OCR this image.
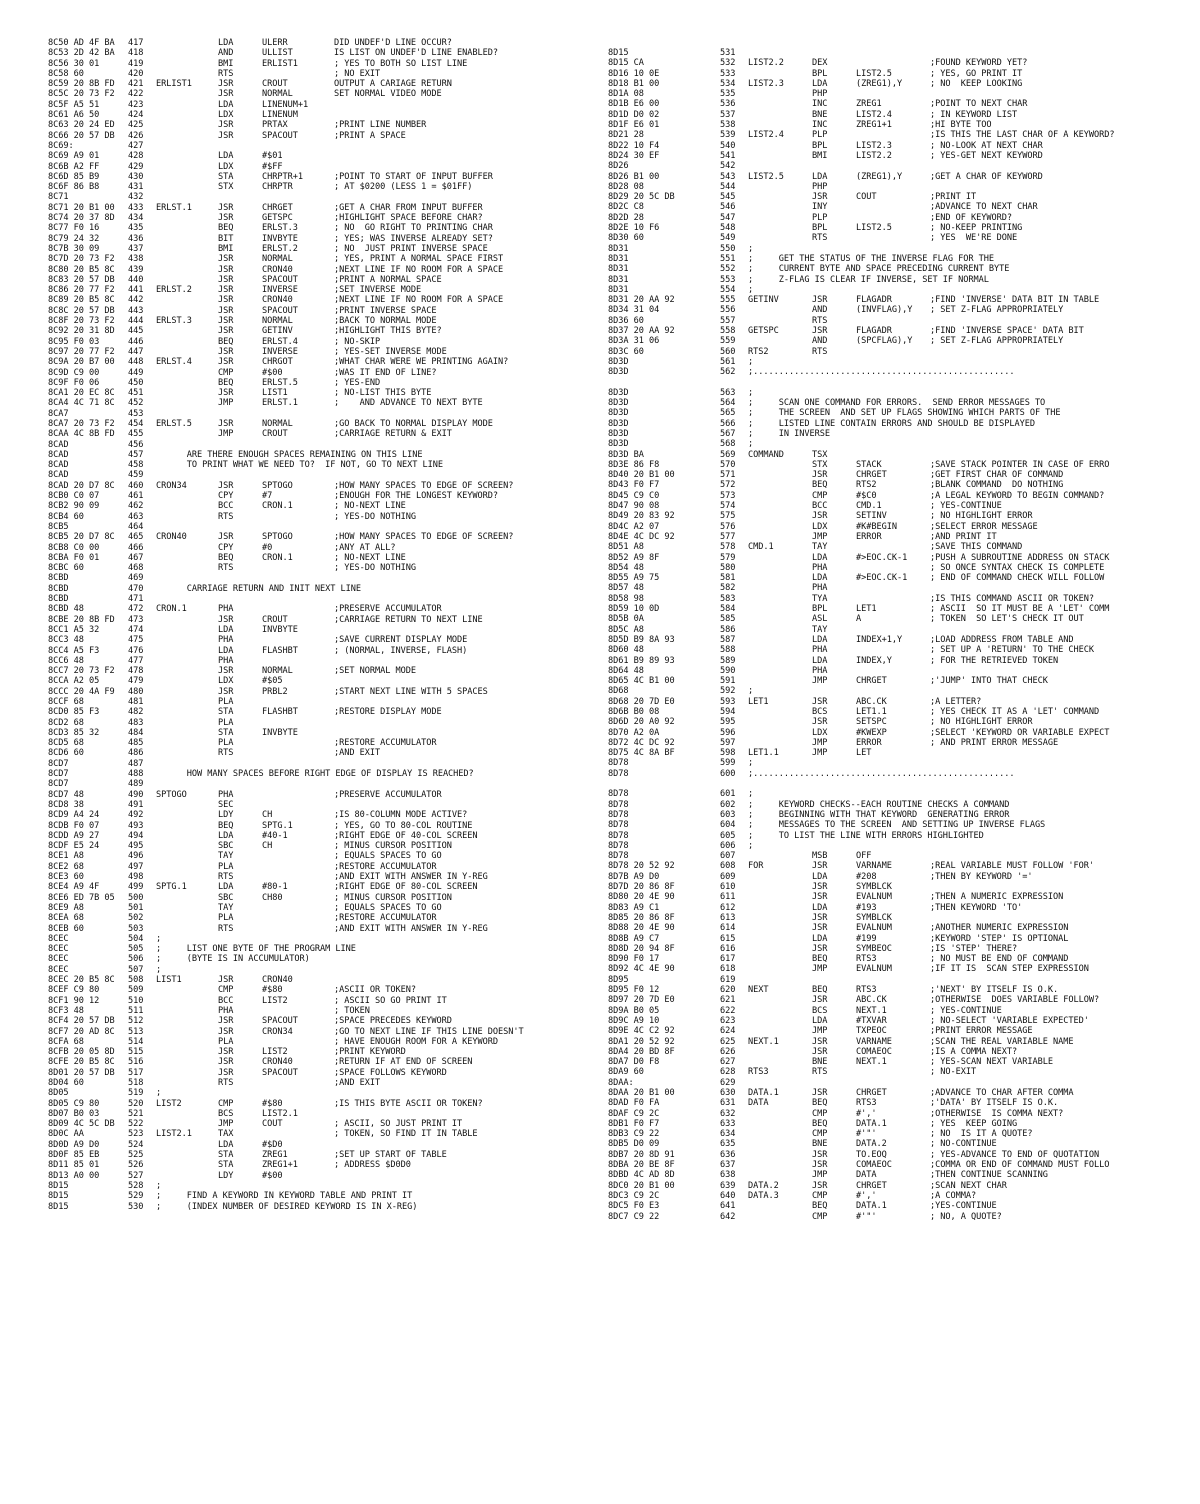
8C50 AD 4F BA 417	LDA	ULERR	DID UNDEF'D LINE OCCUR?
8C53 2D 42 BA 418	AND	ULLIST	IS LIST ON UNDEF'D LINE ENABLED?
8C56 30 01	419	BMI	ERLIST1	; YES TO BOTH SO LIST LINE
8C58 60	420	RTS	; NO EXIT
8C59 20 8B FD 421 ERLIST1	JSR	CROUT	OUTPUT A CARIAGE RETURN
8C5C 20 73 F2 422	JSR	NORMAL	SET NORMAL VIDEO MODE
8C5F A5 51	423	LDA	LINENUM+1
8C61 A6 50	424	LDX	LINENUM
8C63 20 24 ED 425	JSR	PRTAX	;PRINT LINE NUMBER
8C66 20 57 DB 426	JSR	SPACOUT	;PRINT A SPACE
8C69:	427
8C69 A9 01	428	LDA	#$01
8C6B A2 FF	429	LDX	#$FF
8C6D 85 B9	430	STA	CHRPTR+1	;POINT TO START OF INPUT BUFFER
8C6F 86 B8	431	STX	CHRPTR	; AT $0200 (LESS 1 = $01FF)
8C71	432
8C71 20 B1 00 433 ERLST.1	JSR	CHRGET	;GET A CHAR FROM INPUT BUFFER
8C74 20 37 8D 434	JSR	GETSPC	;HIGHLIGHT SPACE BEFORE CHAR?
8C77 F0 16	435	BEQ	ERLST.3	; NO  GO RIGHT TO PRINTING CHAR
8C79 24 32	436	BIT	INVBYTE	; YES; WAS INVERSE ALREADY SET?
8C7B 30 09	437	BMI	ERLST.2	; NO  JUST PRINT INVERSE SPACE
8C7D 20 73 F2 438	JSR	NORMAL	; YES, PRINT A NORMAL SPACE FIRST
8C80 20 B5 8C 439	JSR	CRON40	;NEXT LINE IF NO ROOM FOR A SPACE
8C83 20 57 DB 440	JSR	SPACOUT	;PRINT A NORMAL SPACE
8C86 20 77 F2 441 ERLST.2	JSR	INVERSE	;SET INVERSE MODE
8C89 20 B5 8C 442	JSR	CRON40	;NEXT LINE IF NO ROOM FOR A SPACE
8C8C 20 57 DB 443	JSR	SPACOUT	;PRINT INVERSE SPACE
8C8F 20 73 F2 444 ERLST.3	JSR	NORMAL	;BACK TO NORMAL MODE
8C92 20 31 8D 445	JSR	GETINV	;HIGHLIGHT THIS BYTE?
8C95 F0 03	446	BEQ	ERLST.4	; NO-SKIP
8C97 20 77 F2 447	JSR	INVERSE	; YES-SET INVERSE MODE
8C9A 20 B7 00 448 ERLST.4	JSR	CHRGOT	;WHAT CHAR WERE WE PRINTING AGAIN?
8C9D C9 00	449	CMP	#$00	;WAS IT END OF LINE?
8C9F F0 06	450	BEQ	ERLST.5	; YES-END
8CA1 20 EC 8C 451	JSR	LIST1	; NO-LIST THIS BYTE
8CA4 4C 71 8C 452	JMP	ERLST.1	;    AND ADVANCE TO NEXT BYTE
8CA7	453
8CA7 20 73 F2 454 ERLST.5	JSR	NORMAL	;GO BACK TO NORMAL DISPLAY MODE
8CAA 4C 8B FD 455	JMP	CROUT	;CARRIAGE RETURN & EXIT
8CAD	456
8CAD	457 ARE THERE ENOUGH SPACES REMAINING ON THIS LINE
8CAD	458 TO PRINT WHAT WE NEED TO?  IF NOT, GO TO NEXT LINE
8CAD	459
8CAD 20 D7 8C 460 CRON34	JSR	SPTOGO	;HOW MANY SPACES TO EDGE OF SCREEN?
8CB0 C0 07	461	CPY	#7	;ENOUGH FOR THE LONGEST KEYWORD?
8CB2 90 09	462	BCC	CRON.1	; NO-NEXT LINE
8CB4 60	463	RTS	; YES-DO NOTHING
8CB5	464
8CB5 20 D7 8C 465 CRON40	JSR	SPTOGO	;HOW MANY SPACES TO EDGE OF SCREEN?
8CB8 C0 00	466	CPY	#0	;ANY AT ALL?
8CBA F0 01	467	BEQ	CRON.1	; NO-NEXT LINE
8CBC 60	468	RTS	; YES-DO NOTHING
8CBD	469
8CBD	470 CARRIAGE RETURN AND INIT NEXT LINE
8CBD	471
8CBD 48	472 CRON.1	PHA	;PRESERVE ACCUMULATOR
8CBE 20 8B FD 473	JSR	CROUT	;CARRIAGE RETURN TO NEXT LINE
8CC1 A5 32	474	LDA	INVBYTE
8CC3 48	475	PHA	;SAVE CURRENT DISPLAY MODE
8CC4 A5 F3	476	LDA	FLASHBT	; (NORMAL, INVERSE, FLASH)
8CC6 48	477	PHA
8CC7 20 73 F2 478	JSR	NORMAL	;SET NORMAL MODE
8CCA A2 05	479	LDX	#$05
8CCC 20 4A F9 480	JSR	PRBL2	;START NEXT LINE WITH 5 SPACES
8CCF 68	481	PLA
8CD0 85 F3	482	STA	FLASHBT	;RESTORE DISPLAY MODE
8CD2 68	483	PLA
8CD3 85 32	484	STA	INVBYTE
8CD5 68	485	PLA	;RESTORE ACCUMULATOR
8CD6 60	486	RTS	;AND EXIT
8CD7	487
8CD7	488 HOW MANY SPACES BEFORE RIGHT EDGE OF DISPLAY IS REACHED?
8CD7	489
8CD7 48	490 SPTOGO	PHA	;PRESERVE ACCUMULATOR
8CD8 38	491	SEC
8CD9 A4 24	492	LDY	CH	;IS 80-COLUMN MODE ACTIVE?
8CDB F0 07	493	BEQ	SPTG.1	; YES, GO TO 80-COL ROUTINE
8CDD A9 27	494	LDA	#40-1	;RIGHT EDGE OF 40-COL SCREEN
8CDF E5 24	495	SBC	CH	; MINUS CURSOR POSITION
8CE1 A8	496	TAY	; EQUALS SPACES TO GO
8CE2 68	497	PLA	;RESTORE ACCUMULATOR
8CE3 60	498	RTS	;AND EXIT WITH ANSWER IN Y-REG
8CE4 A9 4F	499 SPTG.1	LDA	#80-1	;RIGHT EDGE OF 80-COL SCREEN
8CE6 ED 7B 05 500	SBC	CH80	; MINUS CURSOR POSITION
8CE9 A8	501	TAY	; EQUALS SPACES TO GO
8CEA 68	502	PLA	;RESTORE ACCUMULATOR
8CEB 60	503	RTS	;AND EXIT WITH ANSWER IN Y-REG
8CEC	504 ;
8CEC	505 ;     LIST ONE BYTE OF THE PROGRAM LINE
8CEC	506 ;     (BYTE IS IN ACCUMULATOR)
8CEC	507 ;
8CEC 20 B5 8C 508 LIST1	JSR	CRON40
8CEF C9 80	509	CMP	#$80	;ASCII OR TOKEN?
8CF1 90 12	510	BCC	LIST2	; ASCII SO GO PRINT IT
8CF3 48	511	PHA	; TOKEN
8CF4 20 57 DB 512	JSR	SPACOUT	;SPACE PRECEDES KEYWORD
8CF7 20 AD 8C 513	JSR	CRON34	;GO TO NEXT LINE IF THIS LINE DOESN'T
8CFA 68	514	PLA	; HAVE ENOUGH ROOM FOR A KEYWORD
8CFB 20 05 8D 515	JSR	LIST2	;PRINT KEYWORD
8CFE 20 B5 8C 516	JSR	CRON40	;RETURN IF AT END OF SCREEN
8D01 20 57 DB 517	JSR	SPACOUT	;SPACE FOLLOWS KEYWORD
8D04 60	518	RTS	;AND EXIT
8D05	519 ;
8D05 C9 80	520 LIST2	CMP	#$80	;IS THIS BYTE ASCII OR TOKEN?
8D07 B0 03	521	BCS	LIST2.1
8D09 4C 5C DB 522	JMP	COUT	; ASCII, SO JUST PRINT IT
8D0C AA	523 LIST2.1	TAX	; TOKEN, SO FIND IT IN TABLE
8D0D A9 D0	524	LDA	#$D0
8D0F 85 EB	525	STA	ZREG1	;SET UP START OF TABLE
8D11 85 01	526	STA	ZREG1+1	; ADDRESS $D0D0
8D13 A0 00	527	LDY	#$00
8D15	528 ;
8D15	529 ;     FIND A KEYWORD IN KEYWORD TABLE AND PRINT IT
8D15	530 ;     (INDEX NUMBER OF DESIRED KEYWORD IS IN X-REG)
8D15	531
8D15 CA	532 LIST2.2	DEX	;FOUND KEYWORD YET?
8D16 10 0E	533	BPL	LIST2.5	; YES, GO PRINT IT
8D18 B1 00	534 LIST2.3	LDA	(ZREG1),Y	; NO  KEEP LOOKING
8D1A 08	535	PHP
8D1B E6 00	536	INC	ZREG1	;POINT TO NEXT CHAR
8D1D D0 02	537	BNE	LIST2.4	; IN KEYWORD LIST
8D1F E6 01	538	INC	ZREG1+1	;HI BYTE TOO
8D21 28	539 LIST2.4	PLP	;IS THIS THE LAST CHAR OF A KEYWORD?
8D22 10 F4	540	BPL	LIST2.3	; NO-LOOK AT NEXT CHAR
8D24 30 EF	541	BMI	LIST2.2	; YES-GET NEXT KEYWORD
8D26	542
8D26 B1 00	543 LIST2.5	LDA	(ZREG1),Y	;GET A CHAR OF KEYWORD
8D28 08	544	PHP
8D29 20 5C DB	545	JSR	COUT	;PRINT IT
8D2C C8	546	INY	;ADVANCE TO NEXT CHAR
8D2D 28	547	PLP	;END OF KEYWORD?
8D2E 10 F6	548	BPL	LIST2.5	; NO-KEEP PRINTING
8D30 60	549	RTS	; YES  WE'RE DONE
8D31	550 ;
8D31	551 ;     GET THE STATUS OF THE INVERSE FLAG FOR THE
8D31	552 ;     CURRENT BYTE AND SPACE PRECEDING CURRENT BYTE
8D31	553 ;     Z-FLAG IS CLEAR IF INVERSE, SET IF NORMAL
8D31	554 ;
8D31 20 AA 92	555 GETINV	JSR	FLAGADR	;FIND 'INVERSE' DATA BIT IN TABLE
8D34 31 04	556	AND	(INVFLAG),Y ; SET Z-FLAG APPROPRIATELY
8D36 60	557	RTS
8D37 20 AA 92	558 GETSPC	JSR	FLAGADR	;FIND 'INVERSE SPACE' DATA BIT
8D3A 31 06	559	AND	(SPCFLAG),Y ; SET Z-FLAG APPROPRIATELY
8D3C 60	560 RTS2	RTS
8D3D	561 ;
8D3D	562 ;...................................................
8D3D	563 ;
8D3D	564 ;     SCAN ONE COMMAND FOR ERRORS.  SEND ERROR MESSAGES TO
8D3D	565 ;     THE SCREEN  AND SET UP FLAGS SHOWING WHICH PARTS OF THE
8D3D	566 ;     LISTED LINE CONTAIN ERRORS AND SHOULD BE DISPLAYED
8D3D	567 ;     IN INVERSE
8D3D	568 ;
8D3D BA	569 COMMAND	TSX
8D3E 86 F8	570	STX	STACK	;SAVE STACK POINTER IN CASE OF ERRO
8D40 20 B1 00	571	JSR	CHRGET	;GET FIRST CHAR OF COMMAND
8D43 F0 F7	572	BEQ	RTS2	;BLANK COMMAND  DO NOTHING
8D45 C9 C0	573	CMP	#$C0	;A LEGAL KEYWORD TO BEGIN COMMAND?
8D47 90 08	574	BCC	CMD.1	; YES-CONTINUE
8D49 20 83 92	575	JSR	SETINV	; NO HIGHLIGHT ERROR
8D4C A2 07	576	LDX	#K#BEGIN	;SELECT ERROR MESSAGE
8D4E 4C DC 92	577	JMP	ERROR	;AND PRINT IT
8D51 A8	578 CMD.1	TAY	;SAVE THIS COMMAND
8D52 A9 8F	579	LDA	#>EOC.CK-1	;PUSH A SUBROUTINE ADDRESS ON STACK
8D54 48	580	PHA	; SO ONCE SYNTAX CHECK IS COMPLETE
8D55 A9 75	581	LDA	#>EOC.CK-1	; END OF COMMAND CHECK WILL FOLLOW
8D57 48	582	PHA
8D58 98	583	TYA	;IS THIS COMMAND ASCII OR TOKEN?
8D59 10 0D	584	BPL	LET1	; ASCII  SO IT MUST BE A 'LET' COMM
8D5B 0A	585	ASL	A	; TOKEN  SO LET'S CHECK IT OUT
8D5C A8	586	TAY
8D5D B9 8A 93	587	LDA	INDEX+1,Y	;LOAD ADDRESS FROM TABLE AND
8D60 48	588	PHA	; SET UP A 'RETURN' TO THE CHECK
8D61 B9 89 93	589	LDA	INDEX,Y	; FOR THE RETRIEVED TOKEN
8D64 48	590	PHA
8D65 4C B1 00	591	JMP	CHRGET	;'JUMP' INTO THAT CHECK
8D68	592 ;
8D68 20 7D E0	593 LET1	JSR	ABC.CK	;A LETTER?
8D6B B0 08	594	BCS	LET1.1	; YES CHECK IT AS A 'LET' COMMAND
8D6D 20 A0 92	595	JSR	SETSPC	; NO HIGHLIGHT ERROR
8D70 A2 0A	596	LDX	#KWEXP	;SELECT 'KEYWORD OR VARIABLE EXPECT
8D72 4C DC 92	597	JMP	ERROR	; AND PRINT ERROR MESSAGE
8D75 4C 8A BF	598 LET1.1	JMP	LET
8D78	599 ;
8D78	600 ;...................................................
8D78	601 ;
8D78	602 ;     KEYWORD CHECKS--EACH ROUTINE CHECKS A COMMAND
8D78	603 ;     BEGINNING WITH THAT KEYWORD  GENERATING ERROR
8D78	604 ;     MESSAGES TO THE SCREEN  AND SETTING UP INVERSE FLAGS
8D78	605 ;     TO LIST THE LINE WITH ERRORS HIGHLIGHTED
8D78	606 ;
8D78	607	MSB	OFF
8D78 20 52 92	608 FOR	JSR	VARNAME	;REAL VARIABLE MUST FOLLOW 'FOR'
8D7B A9 D0	609	LDA	#208	;THEN BY KEYWORD '='
8D7D 20 86 8F	610	JSR	SYMBLCK
8D80 20 4E 90	611	JSR	EVALNUM	;THEN A NUMERIC EXPRESSION
8D83 A9 C1	612	LDA	#193	;THEN KEYWORD 'TO'
8D85 20 86 8F	613	JSR	SYMBLCK
8D88 20 4E 90	614	JSR	EVALNUM	;ANOTHER NUMERIC EXPRESSION
8D8B A9 C7	615	LDA	#199	;KEYWORD 'STEP' IS OPTIONAL
8D8D 20 94 8F	616	JSR	SYMBEOC	;IS 'STEP' THERE?
8D90 F0 17	617	BEQ	RTS3	; NO MUST BE END OF COMMAND
8D92 4C 4E 90	618	JMP	EVALNUM	;IF IT IS  SCAN STEP EXPRESSION
8D95	619
8D95 F0 12	620 NEXT	BEQ	RTS3	;'NEXT' BY ITSELF IS O.K.
8D97 20 7D E0	621	JSR	ABC.CK	;OTHERWISE  DOES VARIABLE FOLLOW?
8D9A B0 05	622	BCS	NEXT.1	; YES-CONTINUE
8D9C A9 10	623	LDA	#TXVAR	; NO-SELECT 'VARIABLE EXPECTED'
8D9E 4C C2 92	624	JMP	TXPEOC	;PRINT ERROR MESSAGE
8DA1 20 52 92	625 NEXT.1	JSR	VARNAME	;SCAN THE REAL VARIABLE NAME
8DA4 20 BD 8F	626	JSR	COMAEOC	;IS A COMMA NEXT?
8DA7 D0 F8	627	BNE	NEXT.1	; YES-SCAN NEXT VARIABLE
8DA9 60	628 RTS3	RTS	; NO-EXIT
8DAA:	629
8DAA 20 B1 00	630 DATA.1	JSR	CHRGET	;ADVANCE TO CHAR AFTER COMMA
8DAD F0 FA	631 DATA	BEQ	RTS3	;'DATA' BY ITSELF IS O.K.
8DAF C9 2C	632	CMP	#','	;OTHERWISE  IS COMMA NEXT?
8DB1 F0 F7	633	BEQ	DATA.1	; YES  KEEP GOING
8DB3 C9 22	634	CMP	#'"'	; NO  IS IT A QUOTE?
8DB5 D0 09	635	BNE	DATA.2	; NO-CONTINUE
8DB7 20 8D 91	636	JSR	TO.EOQ	; YES-ADVANCE TO END OF QUOTATION
8DBA 20 BE 8F	637	JSR	COMAEOC	;COMMA OR END OF COMMAND MUST FOLLO
8DBD 4C AD 8D	638	JMP	DATA	;THEN CONTINUE SCANNING
8DC0 20 B1 00	639 DATA.2	JSR	CHRGET	;SCAN NEXT CHAR
8DC3 C9 2C	640 DATA.3	CMP	#','	;A COMMA?
8DC5 F0 E3	641	BEQ	DATA.1	;YES-CONTINUE
8DC7 C9 22	642	CMP	#'"'	; NO, A QUOTE?
